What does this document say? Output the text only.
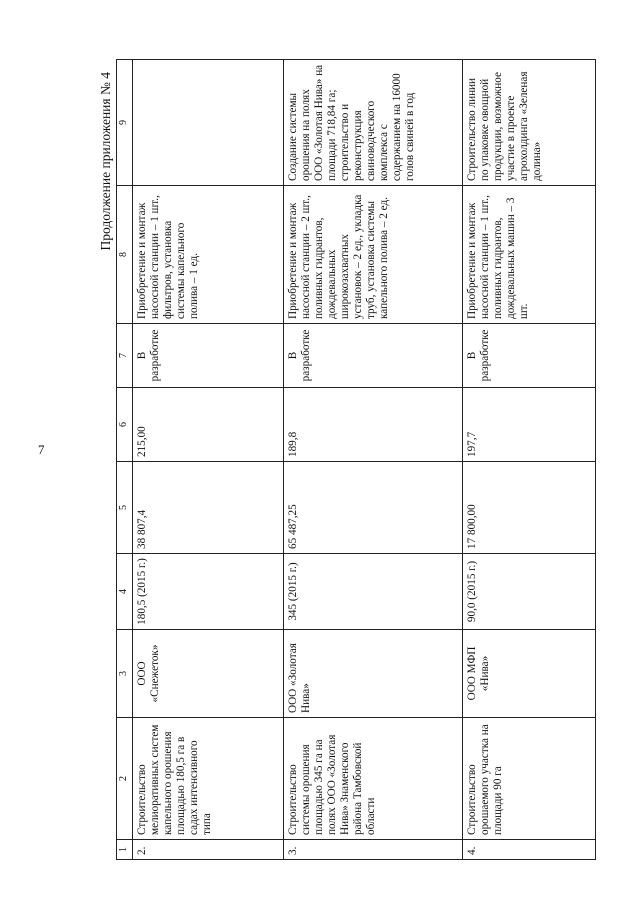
7
Продолжение приложения № 4
1	2	3	4	5	6	7	8	9
2.	Строительство мелиоративных систем капельного орошения площадью 180,5 га в садах интенсивного типа	ООО «Снежеток»	180,5 (2015 г.)	38 807,4	215,00	В разработке	Приобретение и монтаж насосной станции – 1 шт., фильтров, установка системы капельного полива – 1 ед.	
3.	Строительство системы орошения площадью 345 га на полях ООО «Золотая Нива» Знаменского района Тамбовской области	ООО «Золотая Нива»	345 (2015 г.)	65 487,25	189,8	В разработке	Приобретение и монтаж насосной станции – 2 шт., поливных гидрантов, дождевальных широкозахватных установок – 2 ед., укладка труб, установка системы капельного полива – 2 ед.	Создание системы орошения на полях ООО «Золотая Нива» на площади 718,84 га; строительство и реконструкция свиноводческого комплекса с содержанием на 16000 голов свиней в год
4.	Строительство орошаемого участка на площади 90 га	ООО МФП «Нива»	90,0 (2015 г.)	17 800,00	197,7	В разработке	Приобретение и монтаж насосной станции – 1 шт., поливных гидрантов, дождевальных машин – 3 шт.	Строительство линии по упаковке овощной продукции, возможное участие в проекте агрохолдинга «Зеленая долина»
